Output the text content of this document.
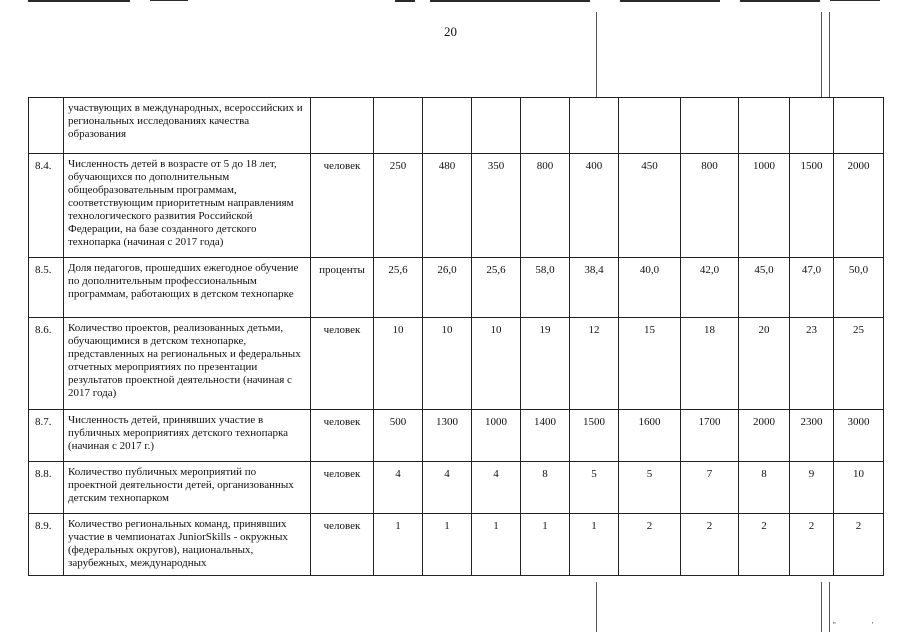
20
	участвующих в международных, всероссийских и региональных исследованиях качества образования											
8.4.	Численность детей в возрасте от 5 до 18 лет, обучающихся по дополнительным общеобразовательным программам, соответствующим приоритетным направлениям технологического развития Российской Федерации, на базе созданного детского технопарка (начиная с 2017 года)	человек	250	480	350	800	400	450	800	1000	1500	2000
8.5.	Доля педагогов, прошедших ежегодное обучение по дополнительным профессиональным программам, работающих в детском технопарке	проценты	25,6	26,0	25,6	58,0	38,4	40,0	42,0	45,0	47,0	50,0
8.6.	Количество проектов, реализованных детьми, обучающимися в детском технопарке, представленных на региональных и федеральных отчетных мероприятиях по презентации результатов проектной деятельности (начиная с 2017 года)	человек	10	10	10	19	12	15	18	20	23	25
8.7.	Численность детей, принявших участие в публичных мероприятиях детского технопарка (начиная с 2017 г.)	человек	500	1300	1000	1400	1500	1600	1700	2000	2300	3000
8.8.	Количество публичных мероприятий по проектной деятельности детей, организованных детским технопарком	человек	4	4	4	8	5	5	7	8	9	10
8.9.	Количество региональных команд, принявших участие в чемпионатах JuniorSkills - окружных (федеральных округов), национальных, зарубежных, международных	человек	1	1	1	1	1	2	2	2	2	2
▪▪	▪
